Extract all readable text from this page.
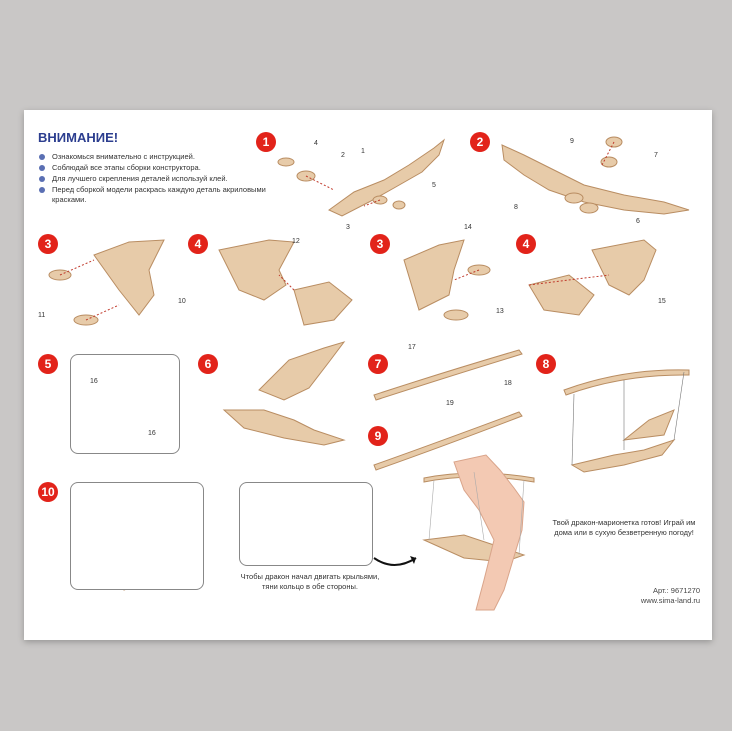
ВНИМАНИЕ!
Ознакомься внимательно с инструкцией.
Соблюдай все этапы сборки конструктора.
Для лучшего скрепления деталей используй клей.
Перед сборкой модели раскрась каждую деталь акриловыми красками.
1	2
3	4	3	4
5	6	7	8
9
10
1
2
3
4
5
6
7
8
9
10
11
12
13
14
15
16
16
17
18
19
Чтобы дракон начал двигать крыльями, тяни кольцо в обе стороны.
Твой дракон-марионетка готов! Играй им дома или в сухую безветренную погоду!
Арт.: 9671270
www.sima-land.ru
